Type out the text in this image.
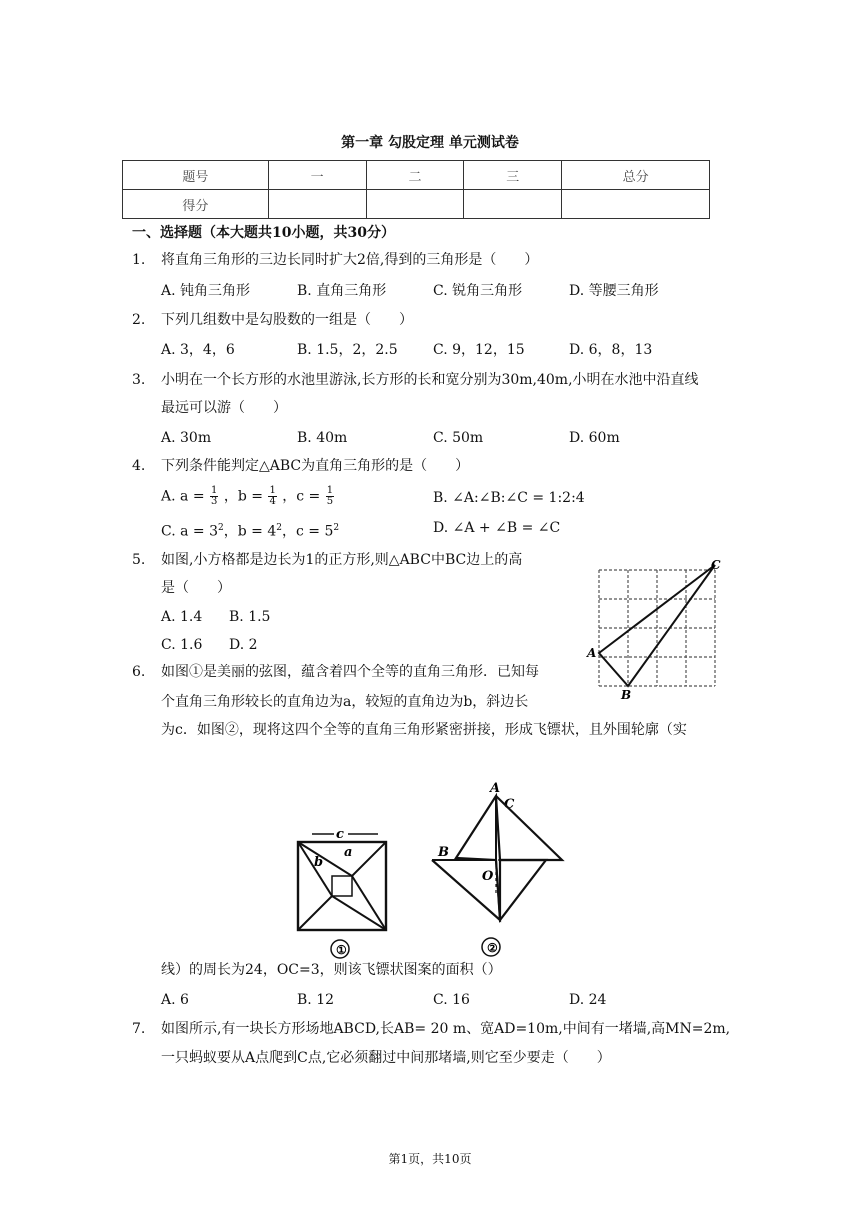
第一章 勾股定理 单元测试卷
题号	一	二	三	总分
得分				
一、选择题（本大题共10小题，共30分）
1. 将直角三角形的三边长同时扩大2倍,得到的三角形是（　　）
A. 钝角三角形	B. 直角三角形	C. 锐角三角形	D. 等腰三角形
2. 下列几组数中是勾股数的一组是（　　）
A. 3，4，6	B. 1.5，2，2.5	C. 9，12，15	D. 6，8，13
3. 小明在一个长方形的水池里游泳,长方形的长和宽分别为30m,40m,小明在水池中沿直线
最远可以游（　　）
A. 30m	B. 40m	C. 50m	D. 60m
4. 下列条件能判定△ABC为直角三角形的是（　　）
A. $a = \frac{1}{3}$ ，$b = \frac{1}{4}$ ，$c = \frac{1}{5}$	B. ∠A:∠B:∠C = 1:2:4
C. $a = 3^2$，$b = 4^2$，$c = 5^2$	D. ∠A + ∠B = ∠C
5. 如图,小方格都是边长为1的正方形,则△ABC中BC边上的高
是（　　）
A. 1.4 B. 1.5
C. 1.6 D. 2	A
B
C
6. 如图①是美丽的弦图，蕴含着四个全等的直角三角形．已知每
个直角三角形较长的直角边为a，较短的直角边为b，斜边长
为c．如图②，现将这四个全等的直角三角形紧密拼接，形成飞镖状，且外围轮廓（实
c
a
b
①
A
C
B
O
②
线）的周长为24，OC=3，则该飞镖状图案的面积（）
A. 6	B. 12	C. 16	D. 24
7. 如图所示,有一块长方形场地ABCD,长AB= 20 m、宽AD=10m,中间有一堵墙,高MN=2m,
一只蚂蚁要从A点爬到C点,它必须翻过中间那堵墙,则它至少要走（　　）
第1页，共10页
